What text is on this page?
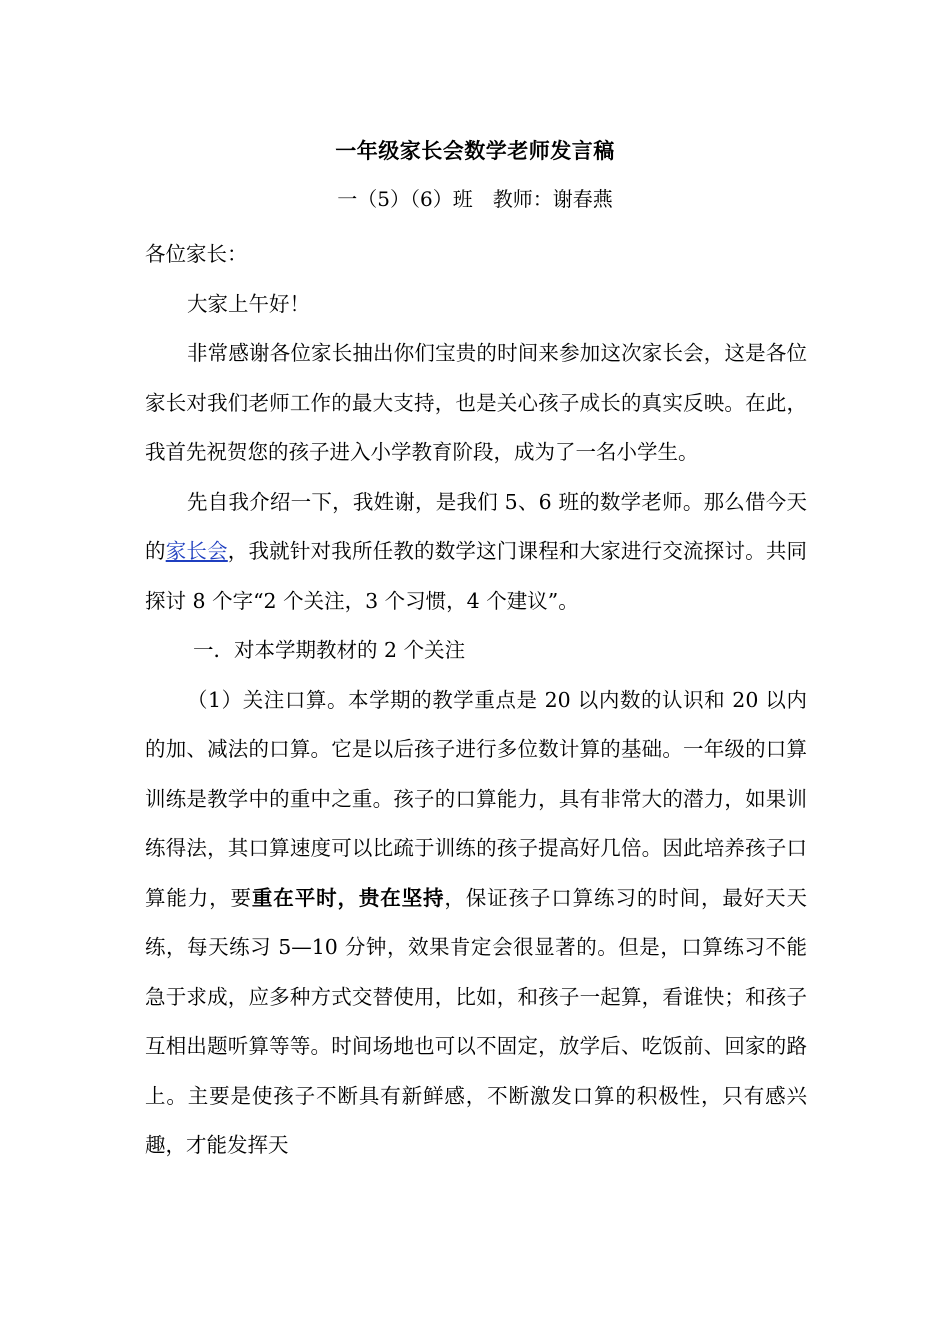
一年级家长会数学老师发言稿
一（5）（6）班　教师：谢春燕

各位家长：

大家上午好！

非常感谢各位家长抽出你们宝贵的时间来参加这次家长会，这是各位家长对我们老师工作的最大支持，也是关心孩子成长的真实反映。在此，我首先祝贺您的孩子进入小学教育阶段，成为了一名小学生。

先自我介绍一下，我姓谢，是我们 5、6 班的数学老师。那么借今天的家长会，我就针对我所任教的数学这门课程和大家进行交流探讨。共同探讨 8 个字“2 个关注，3 个习惯，4 个建议”。

一．对本学期教材的 2 个关注

（1）关注口算。本学期的教学重点是 20 以内数的认识和 20 以内的加、减法的口算。它是以后孩子进行多位数计算的基础。一年级的口算训练是教学中的重中之重。孩子的口算能力，具有非常大的潜力，如果训练得法，其口算速度可以比疏于训练的孩子提高好几倍。因此培养孩子口算能力，要重在平时，贵在坚持，保证孩子口算练习的时间，最好天天练，每天练习 5—10 分钟，效果肯定会很显著的。但是，口算练习不能急于求成，应多种方式交替使用，比如，和孩子一起算，看谁快；和孩子互相出题听算等等。时间场地也可以不固定，放学后、吃饭前、回家的路上。主要是使孩子不断具有新鲜感，不断激发口算的积极性，只有感兴趣，才能发挥天
